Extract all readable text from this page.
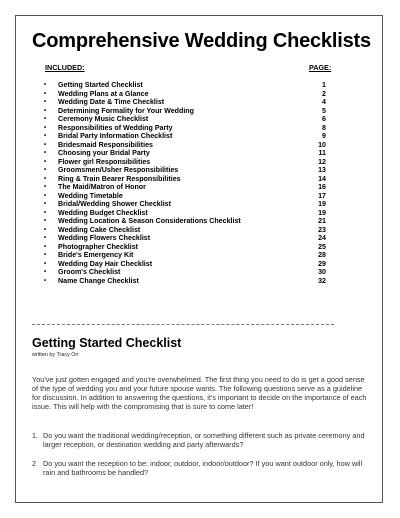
Comprehensive Wedding Checklists
INCLUDED:	PAGE:
• Getting Started Checklist	1
• Wedding Plans at a Glance	2
• Wedding Date & Time Checklist	4
• Determining Formality for Your Wedding	5
• Ceremony Music Checklist	6
• Responsibilities of Wedding Party	8
• Bridal Party Information Checklist	9
• Bridesmaid Responsibilities	10
• Choosing your Bridal Party	11
• Flower girl Responsibilities	12
• Groomsmen/Usher Responsibilities	13
• Ring & Train Bearer Responsibilities	14
• The Maid/Matron of Honor	16
• Wedding Timetable	17
• Bridal/Wedding Shower Checklist	19
• Wedding Budget Checklist	19
• Wedding Location & Season Considerations Checklist	21
• Wedding Cake Checklist	23
• Wedding Flowers Checklist	24
• Photographer Checklist	25
• Bride's Emergency Kit	28
• Wedding Day Hair Checklist	29
• Groom's Checklist	30
• Name Change Checklist	32
Getting Started Checklist
written by Tracy Orr

You've just gotten engaged and you're overwhelmed. The first thing you need to do is get a good sense of the type of wedding you and your future spouse wants. The following questions serve as a guideline for discussion. In addition to answering the questions, it's important to decide on the importance of each issue. This will help with the compromising that is sure to come later!

1. Do you want the traditional wedding/reception, or something different such as private ceremony and larger reception, or destination wedding and party afterwards?
2. Do you want the reception to be: indoor, outdoor, indoor/outdoor? If you want outdoor only, how will rain and bathrooms be handled?
